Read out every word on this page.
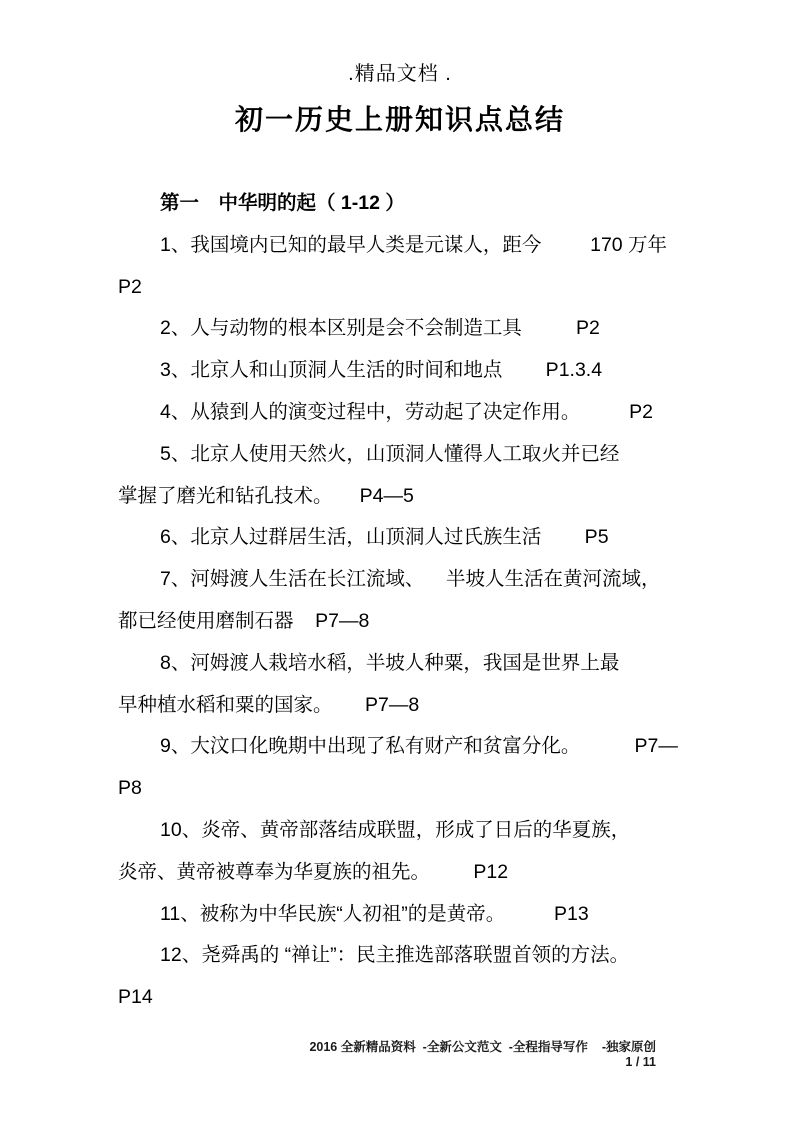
.精品文档 .
初一历史上册知识点总结
第一　中华明的起（ 1-12 ）
1、我国境内已知的最早人类是元谋人，距今         170 万年
P2
2、人与动物的根本区别是会不会制造工具          P2
3、北京人和山顶洞人生活的时间和地点        P1.3.4
4、从猿到人的演变过程中，劳动起了决定作用。         P2
5、北京人使用天然火，山顶洞人懂得人工取火并已经
掌握了磨光和钻孔技术。     P4—5
6、北京人过群居生活，山顶洞人过氏族生活        P5
7、河姆渡人生活在长江流域、    半坡人生活在黄河流域，
都已经使用磨制石器    P7—8
8、河姆渡人栽培水稻，半坡人种粟，我国是世界上最
早种植水稻和粟的国家。      P7—8
9、大汶口化晚期中出现了私有财产和贫富分化。          P7—
P8
10、炎帝、黄帝部落结成联盟，形成了日后的华夏族，
炎帝、黄帝被尊奉为华夏族的祖先。        P12
11、被称为中华民族“人初祖”的是黄帝。         P13
12、尧舜禹的 “禅让”：民主推选部落联盟首领的方法。
P14
2016 全新精品资料  -全新公文范文  -全程指导写作    -独家原创
1 / 11
